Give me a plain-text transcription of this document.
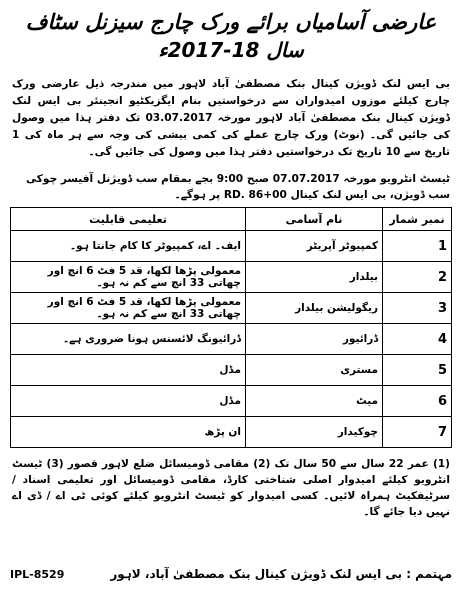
عارضی آسامیاں برائے ورک چارج سیزنل سٹاف
سال 18-2017ء
بی ایس لنک ڈویژن کینال بنک مصطفیٰ آباد لاہور میں مندرجہ ذیل عارضی ورک چارج کیلئے موزوں امیدواران سے درخواستیں بنام ایگزیکٹیو انجینئر بی ایس لنک ڈویژن کینال بنک مصطفیٰ آباد لاہور مورخہ 03.07.2017 تک دفتر ہذا میں وصول کی جائیں گی۔ (نوٹ) ورک چارج عملے کی کمی بیشی کی وجہ سے ہر ماہ کی 1 تاریخ سے 10 تاریخ تک درخواستیں دفتر ہذا میں وصول کی جائیں گی۔
ٹیسٹ انٹرویو مورخہ 07.07.2017 صبح 9:00 بجے بمقام سب ڈویژنل آفیسر چوکی سب ڈویژن، بی ایس لنک کینال RD. 86+00 پر ہوگے۔
نمبر شمار	نام آسامی	تعلیمی قابلیت
1	کمپیوٹر آپریٹر	ایف۔ اے، کمپیوٹر کا کام جانتا ہو۔
2	بیلدار	معمولی پڑھا لکھا، قد 5 فٹ 6 انچ اور چھاتی 33 انچ سے کم نہ ہو۔
3	ریگولیشن بیلدار	معمولی پڑھا لکھا، قد 5 فٹ 6 انچ اور چھاتی 33 انچ سے کم نہ ہو۔
4	ڈرائیور	ڈرائیونگ لائسنس ہونا ضروری ہے۔
5	مستری	مڈل
6	میٹ	مڈل
7	چوکیدار	ان پڑھ
(1) عمر 22 سال سے 50 سال تک (2) مقامی ڈومیسائل ضلع لاہور قصور (3) ٹیسٹ انٹرویو کیلئے امیدوار اصلی شناختی کارڈ، مقامی ڈومیسائل اور تعلیمی اسناد / سرٹیفکیٹ ہمراہ لائیں۔ کسی امیدوار کو ٹیسٹ انٹرویو کیلئے کوئی ٹی اے / ڈی اے نہیں دیا جائے گا۔
IPL-8529	مہتمم : بی ایس لنک ڈویژن کینال بنک مصطفیٰ آباد، لاہور
